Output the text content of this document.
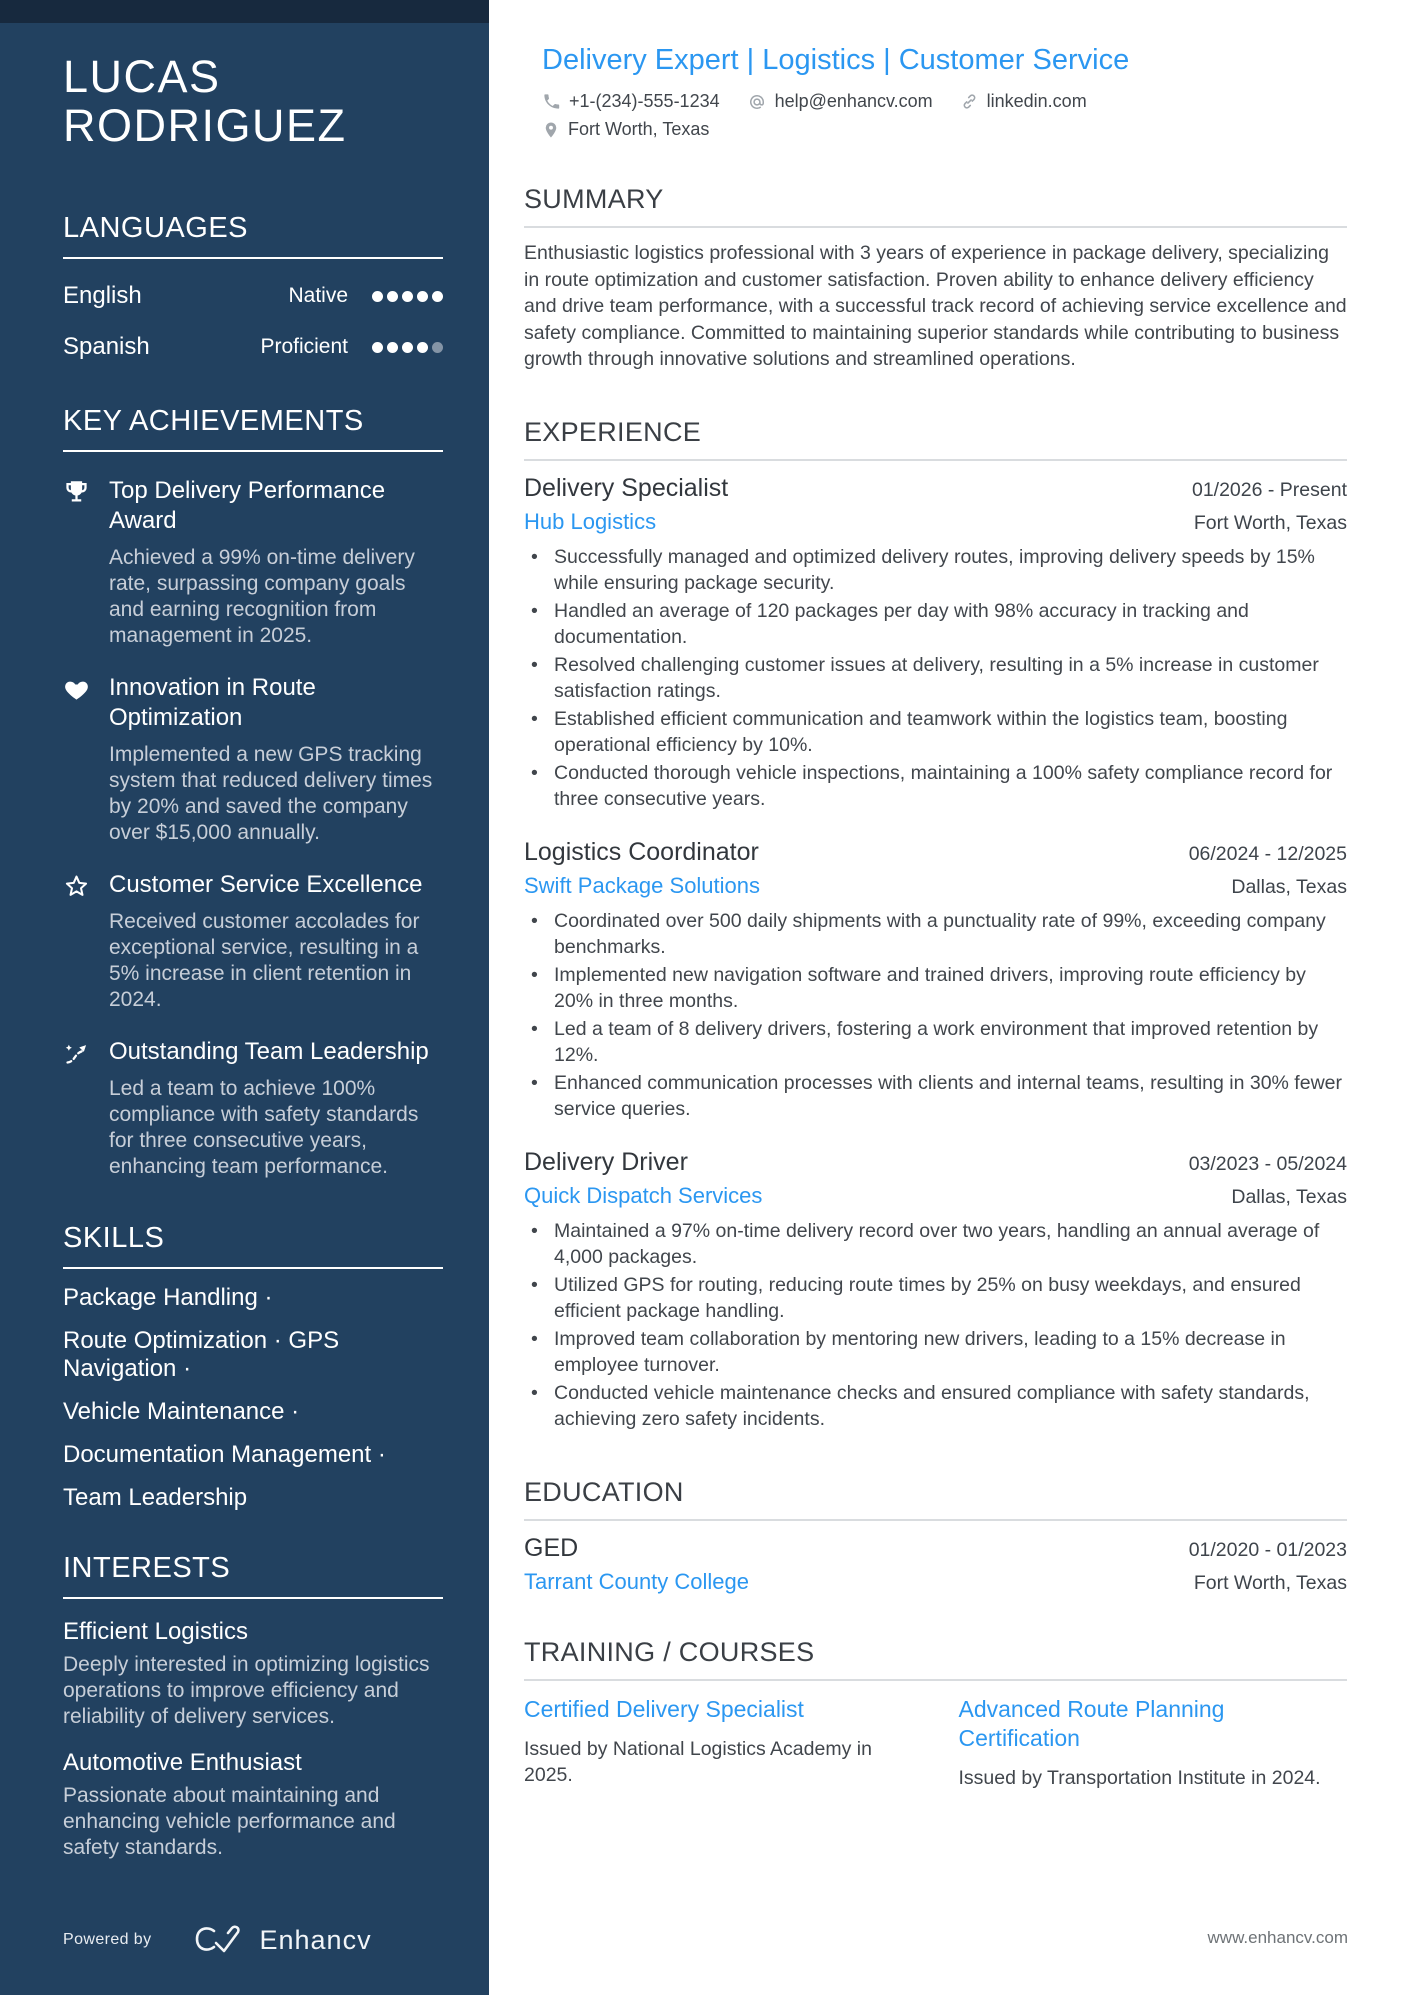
LUCAS
RODRIGUEZ
LANGUAGES
English	Native
Spanish	Proficient
KEY ACHIEVEMENTS
Top Delivery Performance Award
Achieved a 99% on-time delivery rate, surpassing company goals and earning recognition from management in 2025.
Innovation in Route Optimization
Implemented a new GPS tracking system that reduced delivery times by 20% and saved the company over $15,000 annually.
Customer Service Excellence
Received customer accolades for exceptional service, resulting in a 5% increase in client retention in 2024.
Outstanding Team Leadership
Led a team to achieve 100% compliance with safety standards for three consecutive years, enhancing team performance.
SKILLS
Package Handling ·
Route Optimization · GPS Navigation ·
Vehicle Maintenance ·
Documentation Management ·
Team Leadership
INTERESTS
Efficient Logistics
Deeply interested in optimizing logistics operations to improve efficiency and reliability of delivery services.
Automotive Enthusiast
Passionate about maintaining and enhancing vehicle performance and safety standards.
Powered by	Enhancv
Delivery Expert | Logistics | Customer Service
+1-(234)-555-1234	help@enhancv.com	linkedin.com
Fort Worth, Texas
SUMMARY

Enthusiastic logistics professional with 3 years of experience in package delivery, specializing in route optimization and customer satisfaction. Proven ability to enhance delivery efficiency and drive team performance, with a successful track record of achieving service excellence and safety compliance. Committed to maintaining superior standards while contributing to business growth through innovative solutions and streamlined operations.

EXPERIENCE
Delivery Specialist	01/2026 - Present
Hub Logistics	Fort Worth, Texas
• Successfully managed and optimized delivery routes, improving delivery speeds by 15% while ensuring package security.
• Handled an average of 120 packages per day with 98% accuracy in tracking and documentation.
• Resolved challenging customer issues at delivery, resulting in a 5% increase in customer satisfaction ratings.
• Established efficient communication and teamwork within the logistics team, boosting operational efficiency by 10%.
• Conducted thorough vehicle inspections, maintaining a 100% safety compliance record for three consecutive years.
Logistics Coordinator	06/2024 - 12/2025
Swift Package Solutions	Dallas, Texas
• Coordinated over 500 daily shipments with a punctuality rate of 99%, exceeding company benchmarks.
• Implemented new navigation software and trained drivers, improving route efficiency by 20% in three months.
• Led a team of 8 delivery drivers, fostering a work environment that improved retention by 12%.
• Enhanced communication processes with clients and internal teams, resulting in 30% fewer service queries.
Delivery Driver	03/2023 - 05/2024
Quick Dispatch Services	Dallas, Texas
• Maintained a 97% on-time delivery record over two years, handling an annual average of 4,000 packages.
• Utilized GPS for routing, reducing route times by 25% on busy weekdays, and ensured efficient package handling.
• Improved team collaboration by mentoring new drivers, leading to a 15% decrease in employee turnover.
• Conducted vehicle maintenance checks and ensured compliance with safety standards, achieving zero safety incidents.
EDUCATION
GED	01/2020 - 01/2023
Tarrant County College	Fort Worth, Texas
TRAINING / COURSES
Certified Delivery Specialist
Issued by National Logistics Academy in 2025.
Advanced Route Planning Certification
Issued by Transportation Institute in 2024.
www.enhancv.com
